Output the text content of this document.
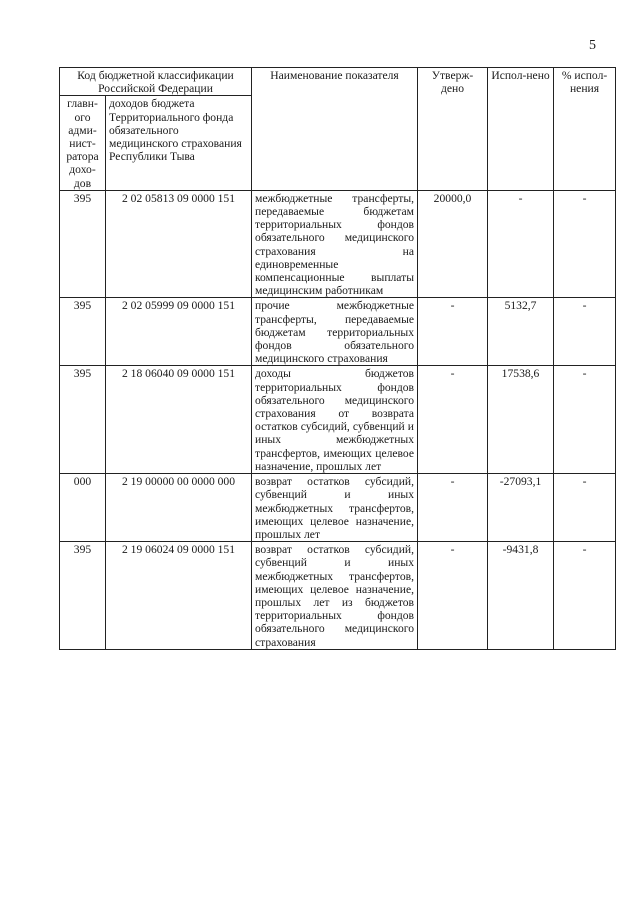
5
Код бюджетной классификации Российской Федерации		Наименование показателя	Утверж-дено	Испол-нено	% испол-нения
главн-ого адми-нист-ратора дохо-дов	доходов бюджета Территориального фонда обязательного медицинского страхования Республики Тыва				
395	2 02 05813 09 0000 151	межбюджетные трансферты, передаваемые бюджетам территориальных фондов обязательного медицинского страхования на единовременные компенсационные выплаты медицинским работникам	20000,0	-	-
395	2 02 05999 09 0000 151	прочие межбюджетные трансферты, передаваемые бюджетам территориальных фондов обязательного медицинского страхования	-	5132,7	-
395	2 18 06040 09 0000 151	доходы бюджетов территориальных фондов обязательного медицинского страхования от возврата остатков субсидий, субвенций и иных межбюджетных трансфертов, имеющих целевое назначение, прошлых лет	-	17538,6	-
000	2 19 00000 00 0000 000	возврат остатков субсидий, субвенций и иных межбюджетных трансфертов, имеющих целевое назначение, прошлых лет	-	-27093,1	-
395	2 19 06024 09 0000 151	возврат остатков субсидий, субвенций и иных межбюджетных трансфертов, имеющих целевое назначение, прошлых лет из бюджетов территориальных фондов обязательного медицинского страхования	-	-9431,8	-
